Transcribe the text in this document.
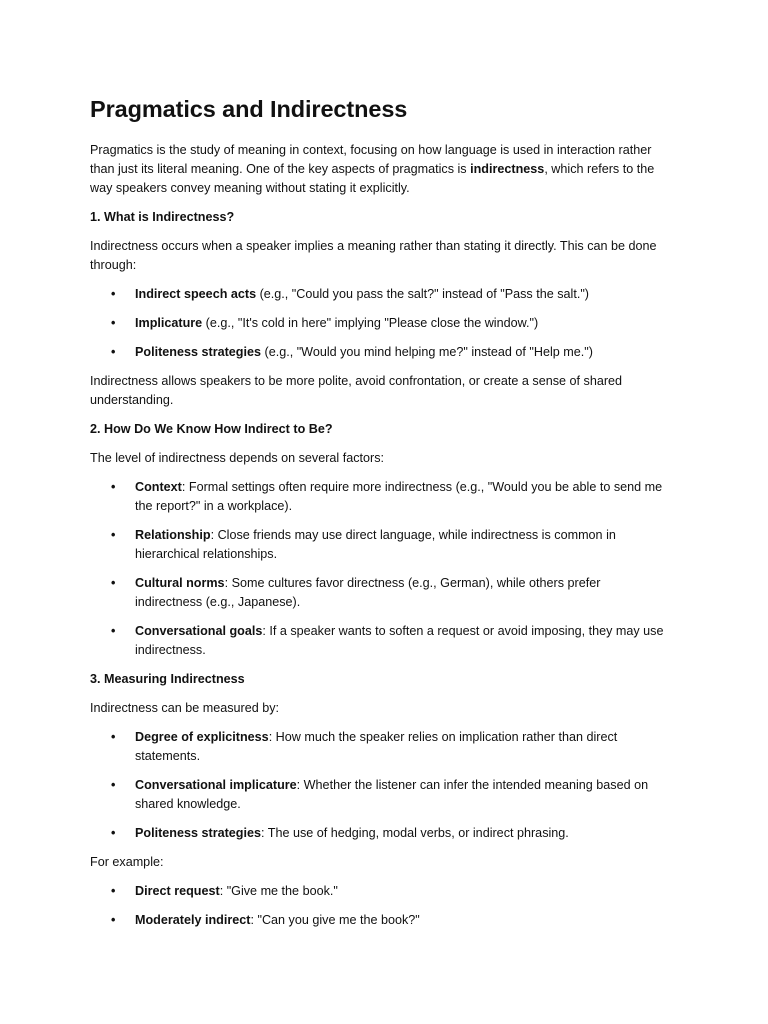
Pragmatics and Indirectness

Pragmatics is the study of meaning in context, focusing on how language is used in interaction rather than just its literal meaning. One of the key aspects of pragmatics is indirectness, which refers to the way speakers convey meaning without stating it explicitly.

1. What is Indirectness?

Indirectness occurs when a speaker implies a meaning rather than stating it directly. This can be done through:

• Indirect speech acts (e.g., "Could you pass the salt?" instead of "Pass the salt.")
• Implicature (e.g., "It's cold in here" implying "Please close the window.")
• Politeness strategies (e.g., "Would you mind helping me?" instead of "Help me.")

Indirectness allows speakers to be more polite, avoid confrontation, or create a sense of shared understanding.

2. How Do We Know How Indirect to Be?

The level of indirectness depends on several factors:

• Context: Formal settings often require more indirectness (e.g., "Would you be able to send me the report?" in a workplace).
• Relationship: Close friends may use direct language, while indirectness is common in hierarchical relationships.
• Cultural norms: Some cultures favor directness (e.g., German), while others prefer indirectness (e.g., Japanese).
• Conversational goals: If a speaker wants to soften a request or avoid imposing, they may use indirectness.

3. Measuring Indirectness

Indirectness can be measured by:

• Degree of explicitness: How much the speaker relies on implication rather than direct statements.
• Conversational implicature: Whether the listener can infer the intended meaning based on shared knowledge.
• Politeness strategies: The use of hedging, modal verbs, or indirect phrasing.

For example:

• Direct request: "Give me the book."
• Moderately indirect: "Can you give me the book?"
